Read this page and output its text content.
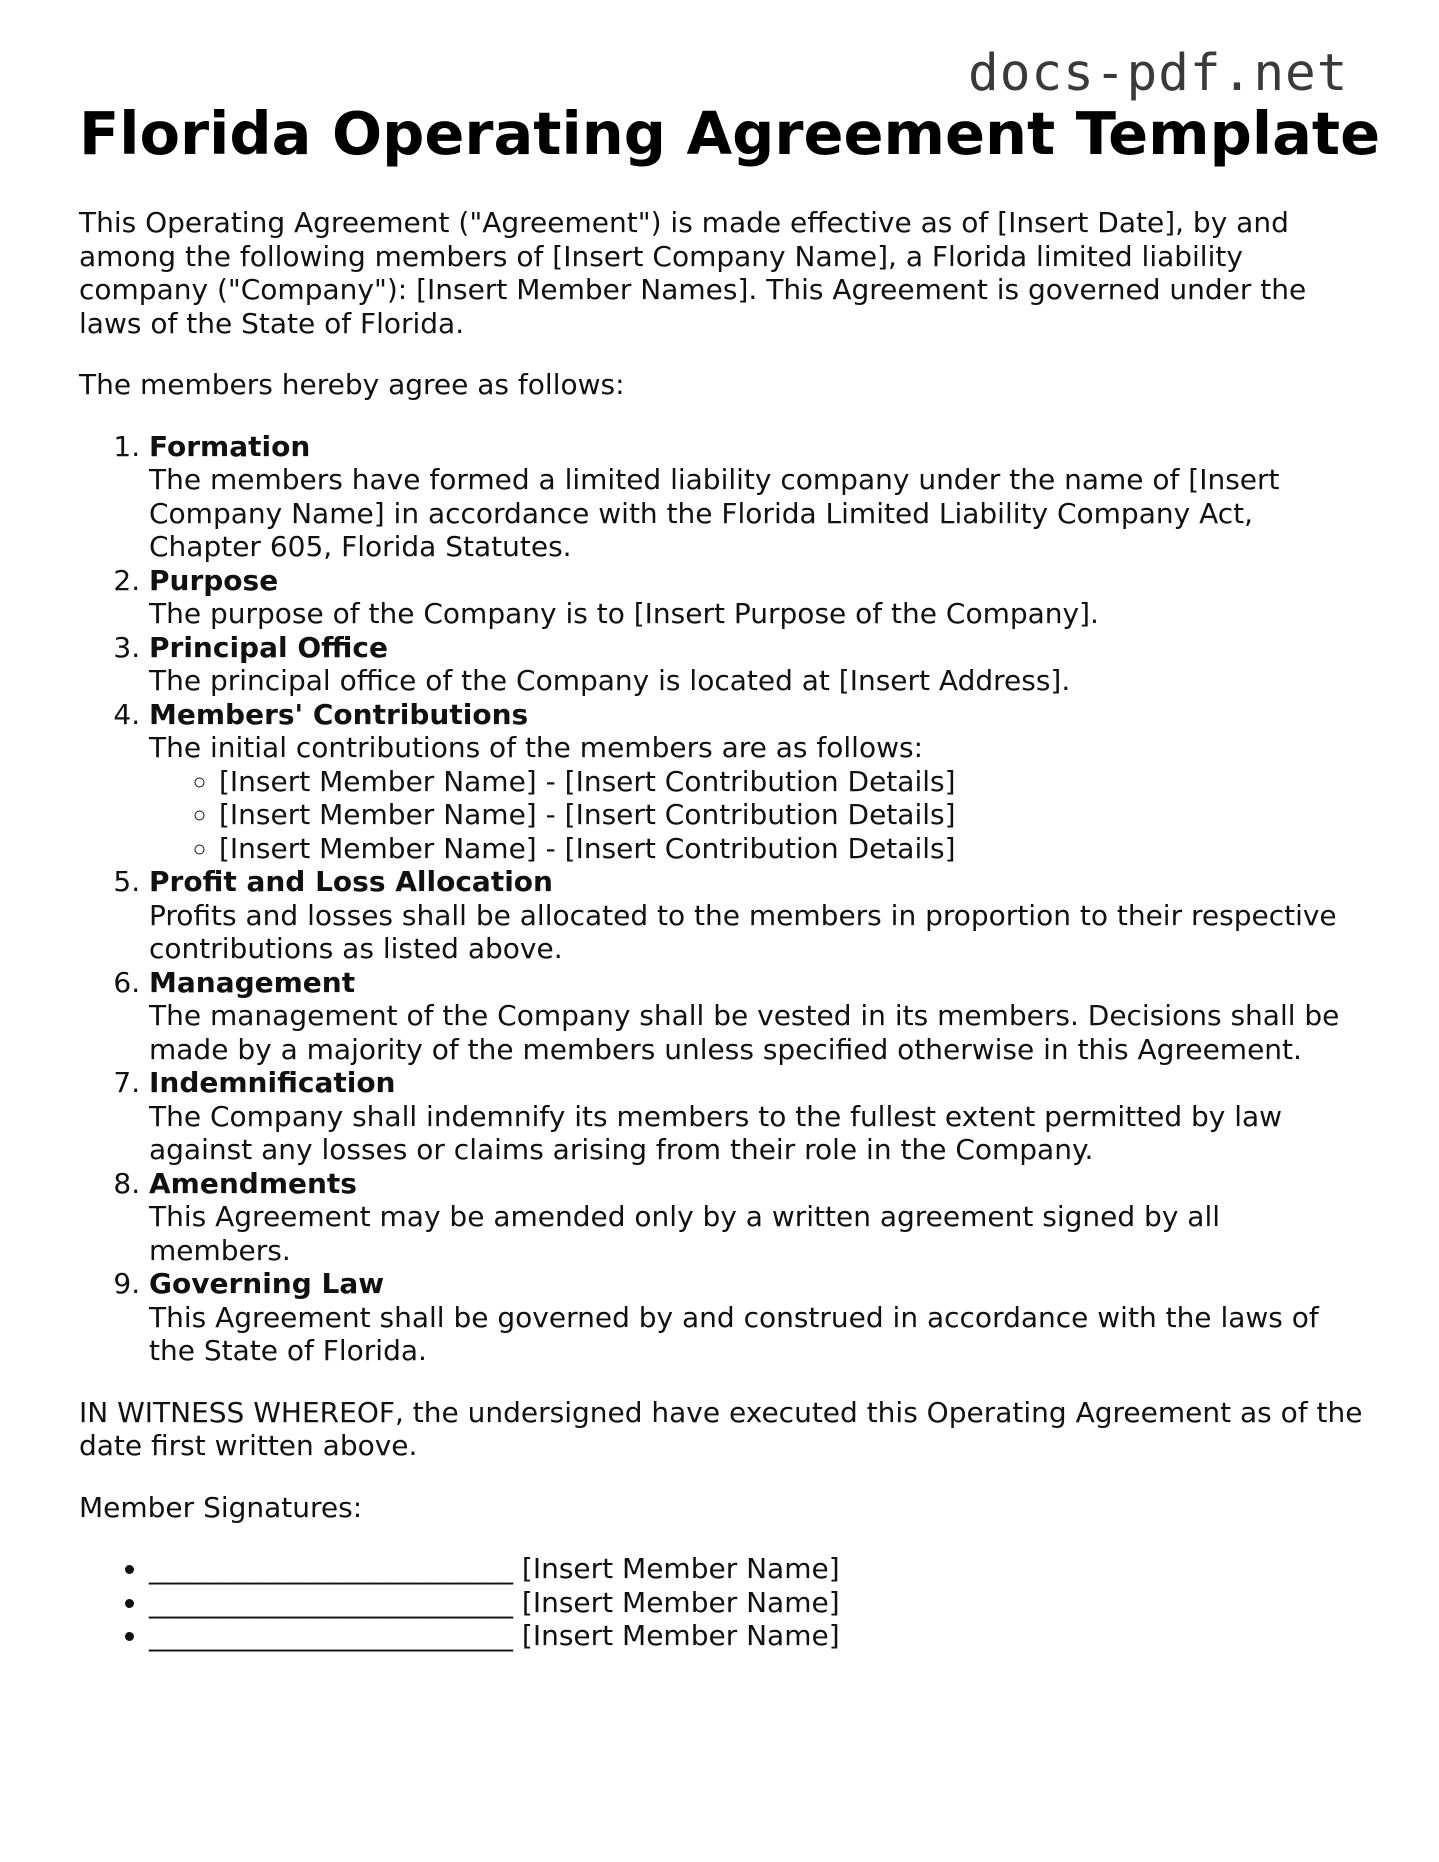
docs-pdf.net
Florida Operating Agreement Template

This Operating Agreement ("Agreement") is made effective as of [Insert Date], by and among the following members of [Insert Company Name], a Florida limited liability company ("Company"): [Insert Member Names]. This Agreement is governed under the laws of the State of Florida.

The members hereby agree as follows:

1. Formation
The members have formed a limited liability company under the name of [Insert Company Name] in accordance with the Florida Limited Liability Company Act, Chapter 605, Florida Statutes.
2. Purpose
The purpose of the Company is to [Insert Purpose of the Company].
3. Principal Office
The principal office of the Company is located at [Insert Address].
4. Members' Contributions
The initial contributions of the members are as follows:
◦ [Insert Member Name] - [Insert Contribution Details]
◦ [Insert Member Name] - [Insert Contribution Details]
◦ [Insert Member Name] - [Insert Contribution Details]
5. Profit and Loss Allocation
Profits and losses shall be allocated to the members in proportion to their respective contributions as listed above.
6. Management
The management of the Company shall be vested in its members. Decisions shall be made by a majority of the members unless specified otherwise in this Agreement.
7. Indemnification
The Company shall indemnify its members to the fullest extent permitted by law against any losses or claims arising from their role in the Company.
8. Amendments
This Agreement may be amended only by a written agreement signed by all members.
9. Governing Law
This Agreement shall be governed by and construed in accordance with the laws of the State of Florida.

IN WITNESS WHEREOF, the undersigned have executed this Operating Agreement as of the date first written above.

Member Signatures:

• __________________________ [Insert Member Name]
• __________________________ [Insert Member Name]
• __________________________ [Insert Member Name]
